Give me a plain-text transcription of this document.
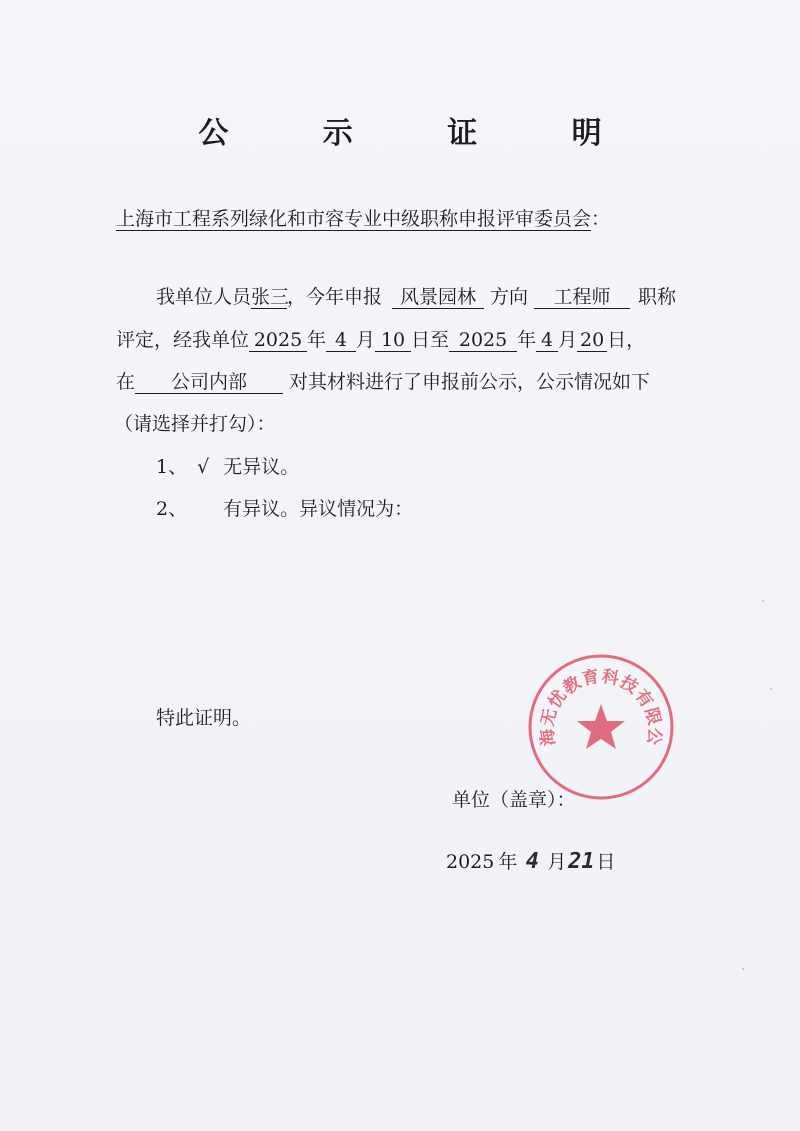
公 示 证 明
上海市工程系列绿化和市容专业中级职称申报评审委员会：
我单位人员张三，今年申报 风景园林 方向 工程师 职称
评定，经我单位 2025 年 4 月 10 日至 2025 年 4 月 20 日，
在 公司内部 对其材料进行了申报前公示，公示情况如下
（请选择并打勾）：
1、 √ 无异议。
2、 有异议。异议情况为：
特此证明。
海无忧教育科技有限公
单位（盖章）：
2025 年 4 月21日
